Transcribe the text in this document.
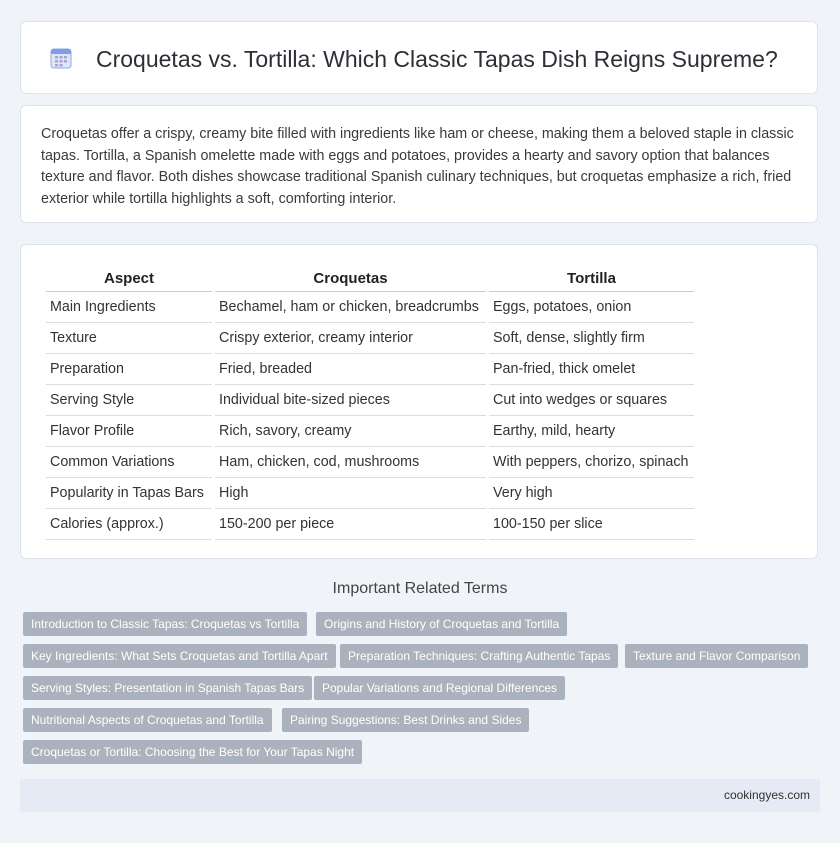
Croquetas vs. Tortilla: Which Classic Tapas Dish Reigns Supreme?

Croquetas offer a crispy, creamy bite filled with ingredients like ham or cheese, making them a beloved staple in classic tapas. Tortilla, a Spanish omelette made with eggs and potatoes, provides a hearty and savory option that balances texture and flavor. Both dishes showcase traditional Spanish culinary techniques, but croquetas emphasize a rich, fried exterior while tortilla highlights a soft, comforting interior.

Aspect	Croquetas	Tortilla
Main Ingredients	Bechamel, ham or chicken, breadcrumbs	Eggs, potatoes, onion
Texture	Crispy exterior, creamy interior	Soft, dense, slightly firm
Preparation	Fried, breaded	Pan-fried, thick omelet
Serving Style	Individual bite-sized pieces	Cut into wedges or squares
Flavor Profile	Rich, savory, creamy	Earthy, mild, hearty
Common Variations	Ham, chicken, cod, mushrooms	With peppers, chorizo, spinach
Popularity in Tapas Bars	High	Very high
Calories (approx.)	150-200 per piece	100-150 per slice
Important Related Terms
Introduction to Classic Tapas: Croquetas vs Tortilla	Origins and History of Croquetas and Tortilla
Key Ingredients: What Sets Croquetas and Tortilla Apart	Preparation Techniques: Crafting Authentic Tapas	Texture and Flavor Comparison
Serving Styles: Presentation in Spanish Tapas Bars	Popular Variations and Regional Differences
Nutritional Aspects of Croquetas and Tortilla	Pairing Suggestions: Best Drinks and Sides
Croquetas or Tortilla: Choosing the Best for Your Tapas Night
cookingyes.com
